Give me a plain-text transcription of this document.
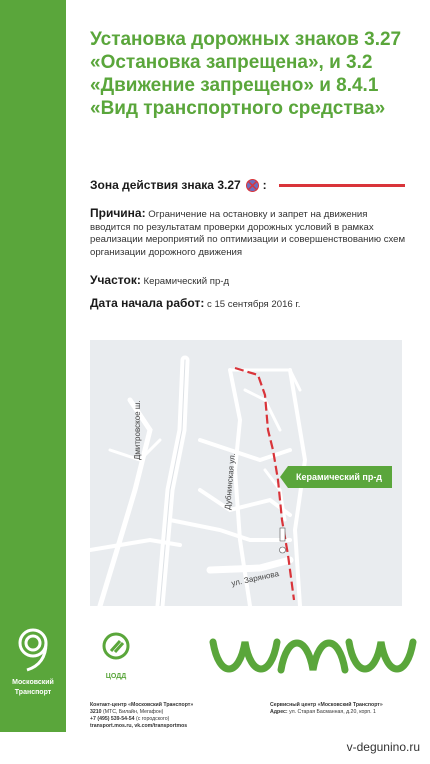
Московский
Транспорт
Установка дорожных знаков 3.27 «Остановка запрещена», и 3.2 «Движение запрещено» и 8.4.1 «Вид транспортного средства»
Зона действия знака 3.27 :
Причина: Ограничение на остановку и запрет на движения вводится по результатам проверки дорожных условий в рамках реализации мероприятий по оптимизации и совершенствованию схем организации дорожного движения
Участок: Керамический пр-д
Дата начала работ: с 15 сентября 2016 г.
Дмитровское ш.
Дубнинская ул.
ул. Зарянова
Керамический пр-д
ЦОДД
Контакт-центр «Московский Транспорт»
3210 (МТС, Билайн, Мегафон)
+7 (495) 539-54-54 (с городского)
transport.mos.ru, vk.com/transportmos
Сервисный центр «Московский Транспорт»
Адрес: ул. Старая Басманная, д.20, корп. 1
v-degunino.ru
